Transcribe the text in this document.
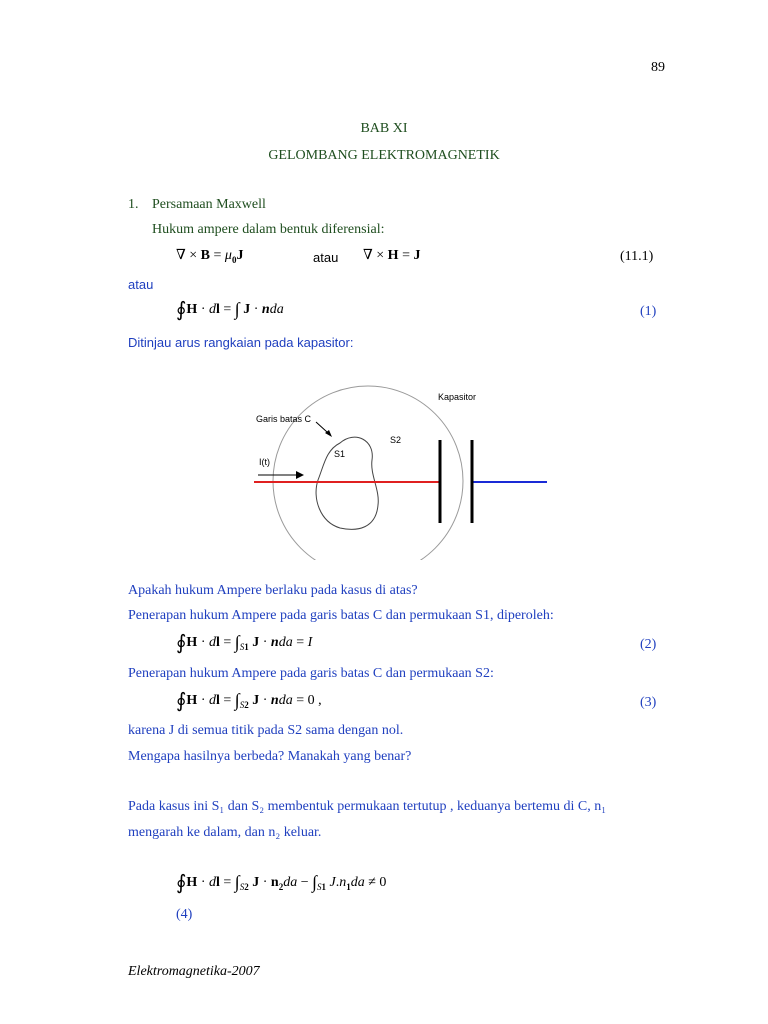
89
BAB XI
GELOMBANG ELEKTROMAGNETIK
1. Persamaan Maxwell
Hukum ampere dalam bentuk diferensial:
∇ × $B = \mu_0J$	atau ∇ × H = J	(11.1)
atau
∮H · dl = ∫ J · nda	(1)
Ditinjau arus rangkaian pada kapasitor:
Kapasitor
Garis batas C
S2
S1
I(t)
Apakah hukum Ampere berlaku pada kasus di atas?
Penerapan hukum Ampere pada garis batas C dan permukaan S1, diperoleh:
∮H · dl = $\int_{S1}$ J · nda = I	(2)
Penerapan hukum Ampere pada garis batas C dan permukaan S2:
∮H · dl = $\int_{S2}$ J · nda = 0 ,	(3)
karena J di semua titik pada S2 sama dengan nol.
Mengapa hasilnya berbeda? Manakah yang benar?
Pada kasus ini S₁ dan S₂ membentuk permukaan tertutup , keduanya bertemu di C, n₁
mengarah ke dalam, dan n₂ keluar.
∮H · dl = $\int_{S2}$ $J \cdot n_2da - \int_{S1}$ $J.n_1da \ne 0$
(4)
Elektromagnetika-2007
